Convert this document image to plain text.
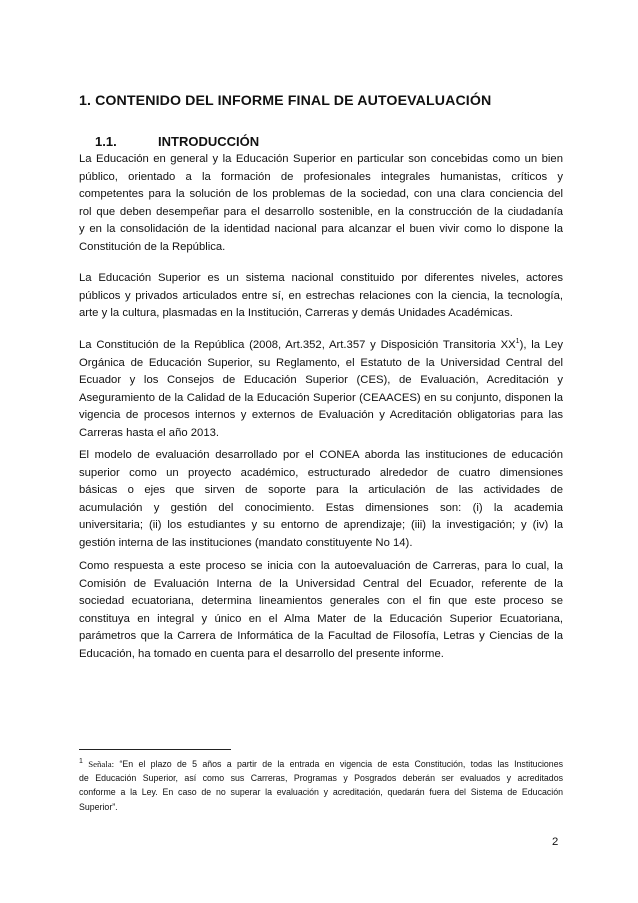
1. CONTENIDO DEL INFORME FINAL DE AUTOEVALUACIÓN
1.1.	INTRODUCCIÓN
La Educación en general y la Educación Superior en particular son concebidas como un bien
público, orientado a la formación de profesionales integrales humanistas, críticos y
competentes para la solución de los problemas de la sociedad, con una clara conciencia del
rol que deben desempeñar para el desarrollo sostenible, en la construcción de la ciudadanía
y en la consolidación de la identidad nacional para alcanzar el buen vivir como lo dispone la
Constitución de la República.
La Educación Superior es un sistema nacional constituido por diferentes niveles, actores
públicos y privados articulados entre sí, en estrechas relaciones con la ciencia, la tecnología,
arte y la cultura, plasmadas en la Institución, Carreras y demás Unidades Académicas.
La Constitución de la República (2008, Art.352, Art.357 y Disposición Transitoria $XX^1$), la Ley
Orgánica de Educación Superior, su Reglamento, el Estatuto de la Universidad Central del
Ecuador y los Consejos de Educación Superior (CES), de Evaluación, Acreditación y
Aseguramiento de la Calidad de la Educación Superior (CEAACES) en su conjunto, disponen la
vigencia de procesos internos y externos de Evaluación y Acreditación obligatorias para las
Carreras hasta el año 2013.
El modelo de evaluación desarrollado por el CONEA aborda las instituciones de educación
superior como un proyecto académico, estructurado alrededor de cuatro dimensiones
básicas o ejes que sirven de soporte para la articulación de las actividades de
acumulación y gestión del conocimiento. Estas dimensiones son: (i) la academia
universitaria; (ii) los estudiantes y su entorno de aprendizaje; (iii) la investigación; y (iv) la
gestión interna de las instituciones (mandato constituyente No 14).
Como respuesta a este proceso se inicia con la autoevaluación de Carreras, para lo cual, la
Comisión de Evaluación Interna de la Universidad Central del Ecuador, referente de la
sociedad ecuatoriana, determina lineamientos generales con el fin que este proceso se
constituya en integral y único en el Alma Mater de la Educación Superior Ecuatoriana,
parámetros que la Carrera de Informática de la Facultad de Filosofía, Letras y Ciencias de la
Educación, ha tomado en cuenta para el desarrollo del presente informe.
$^1$ Señala: “En el plazo de 5 años a partir de la entrada en vigencia de esta Constitución, todas las Instituciones
de Educación Superior, así como sus Carreras, Programas y Posgrados deberán ser evaluados y acreditados
conforme a la Ley. En caso de no superar la evaluación y acreditación, quedarán fuera del Sistema de Educación
Superior”.
2
